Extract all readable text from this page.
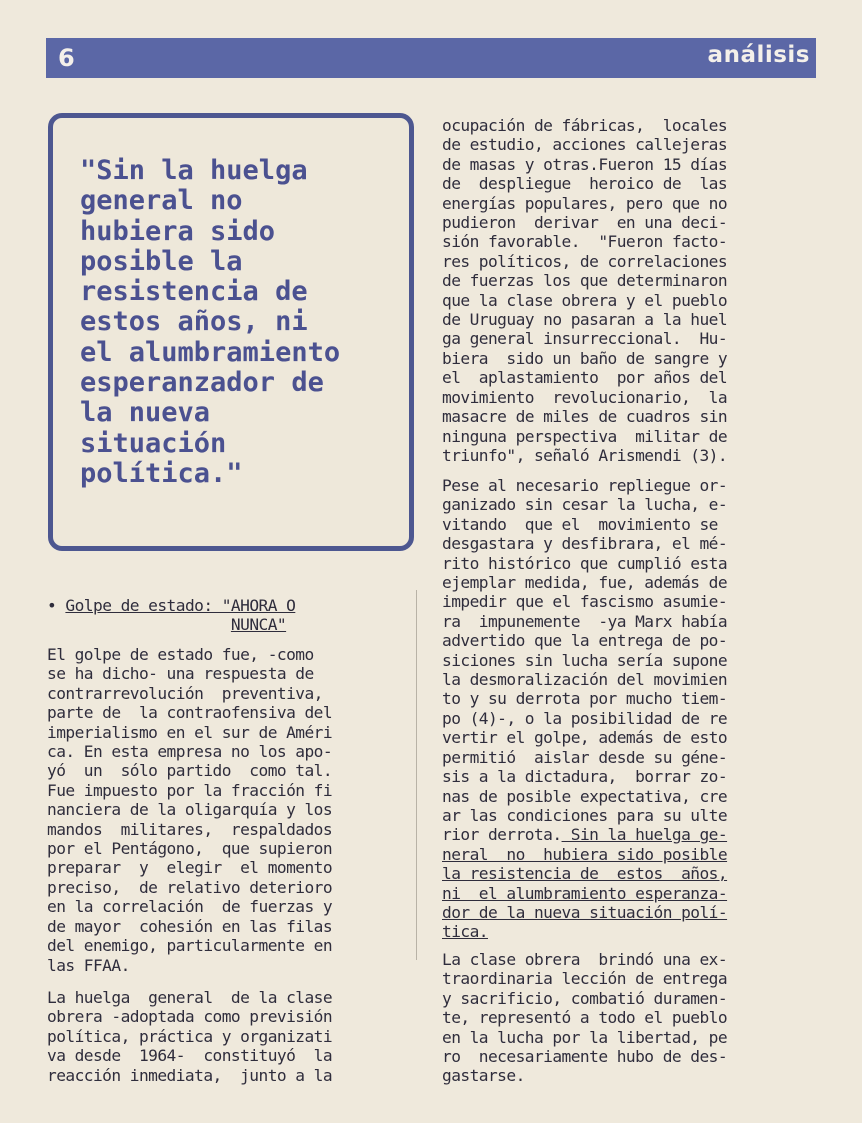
6	análisis

"Sin la huelga
general no
hubiera sido
posible la
resistencia de
estos años, ni
el alumbramiento
esperanzador de
la nueva
situación
política."

• Golpe de estado: "AHORA O
NUNCA"

El golpe de estado fue, -como
se ha dicho- una respuesta de
contrarrevolución  preventiva,
parte de  la contraofensiva del
imperialismo en el sur de Améri
ca. En esta empresa no los apo-
yó  un  sólo partido  como tal.
Fue impuesto por la fracción fi
nanciera de la oligarquía y los
mandos  militares,  respaldados
por el Pentágono,  que supieron
preparar  y  elegir  el momento
preciso,  de relativo deterioro
en la correlación  de fuerzas y
de mayor  cohesión en las filas
del enemigo, particularmente en
las FFAA.

La huelga  general  de la clase
obrera -adoptada como previsión
política, práctica y organizati
va desde  1964-  constituyó  la
reacción inmediata,  junto a la

ocupación de fábricas,  locales
de estudio, acciones callejeras
de masas y otras.Fueron 15 días
de  despliegue  heroico de  las
energías populares, pero que no
pudieron  derivar  en una deci-
sión favorable.  "Fueron facto-
res políticos, de correlaciones
de fuerzas los que determinaron
que la clase obrera y el pueblo
de Uruguay no pasaran a la huel
ga general insurreccional.  Hu-
biera  sido un baño de sangre y
el  aplastamiento  por años del
movimiento  revolucionario,  la
masacre de miles de cuadros sin
ninguna perspectiva  militar de
triunfo", señaló Arismendi (3).

Pese al necesario repliegue or-
ganizado sin cesar la lucha, e-
vitando  que el  movimiento se
desgastara y desfibrara, el mé-
rito histórico que cumplió esta
ejemplar medida, fue, además de
impedir que el fascismo asumie-
ra  impunemente  -ya Marx había
advertido que la entrega de po-
siciones sin lucha sería supone
la desmoralización del movimien
to y su derrota por mucho tiem-
po (4)-, o la posibilidad de re
vertir el golpe, además de esto
permitió  aislar desde su géne-
sis a la dictadura,  borrar zo-
nas de posible expectativa, cre
ar las condiciones para su ulte
rior derrota. Sin la huelga ge-
neral  no  hubiera sido posible
la resistencia de  estos  años,
ni  el alumbramiento esperanza-
dor de la nueva situación polí-
tica.

La clase obrera  brindó una ex-
traordinaria lección de entrega
y sacrificio, combatió duramen-
te, representó a todo el pueblo
en la lucha por la libertad, pe
ro  necesariamente hubo de des-
gastarse.
